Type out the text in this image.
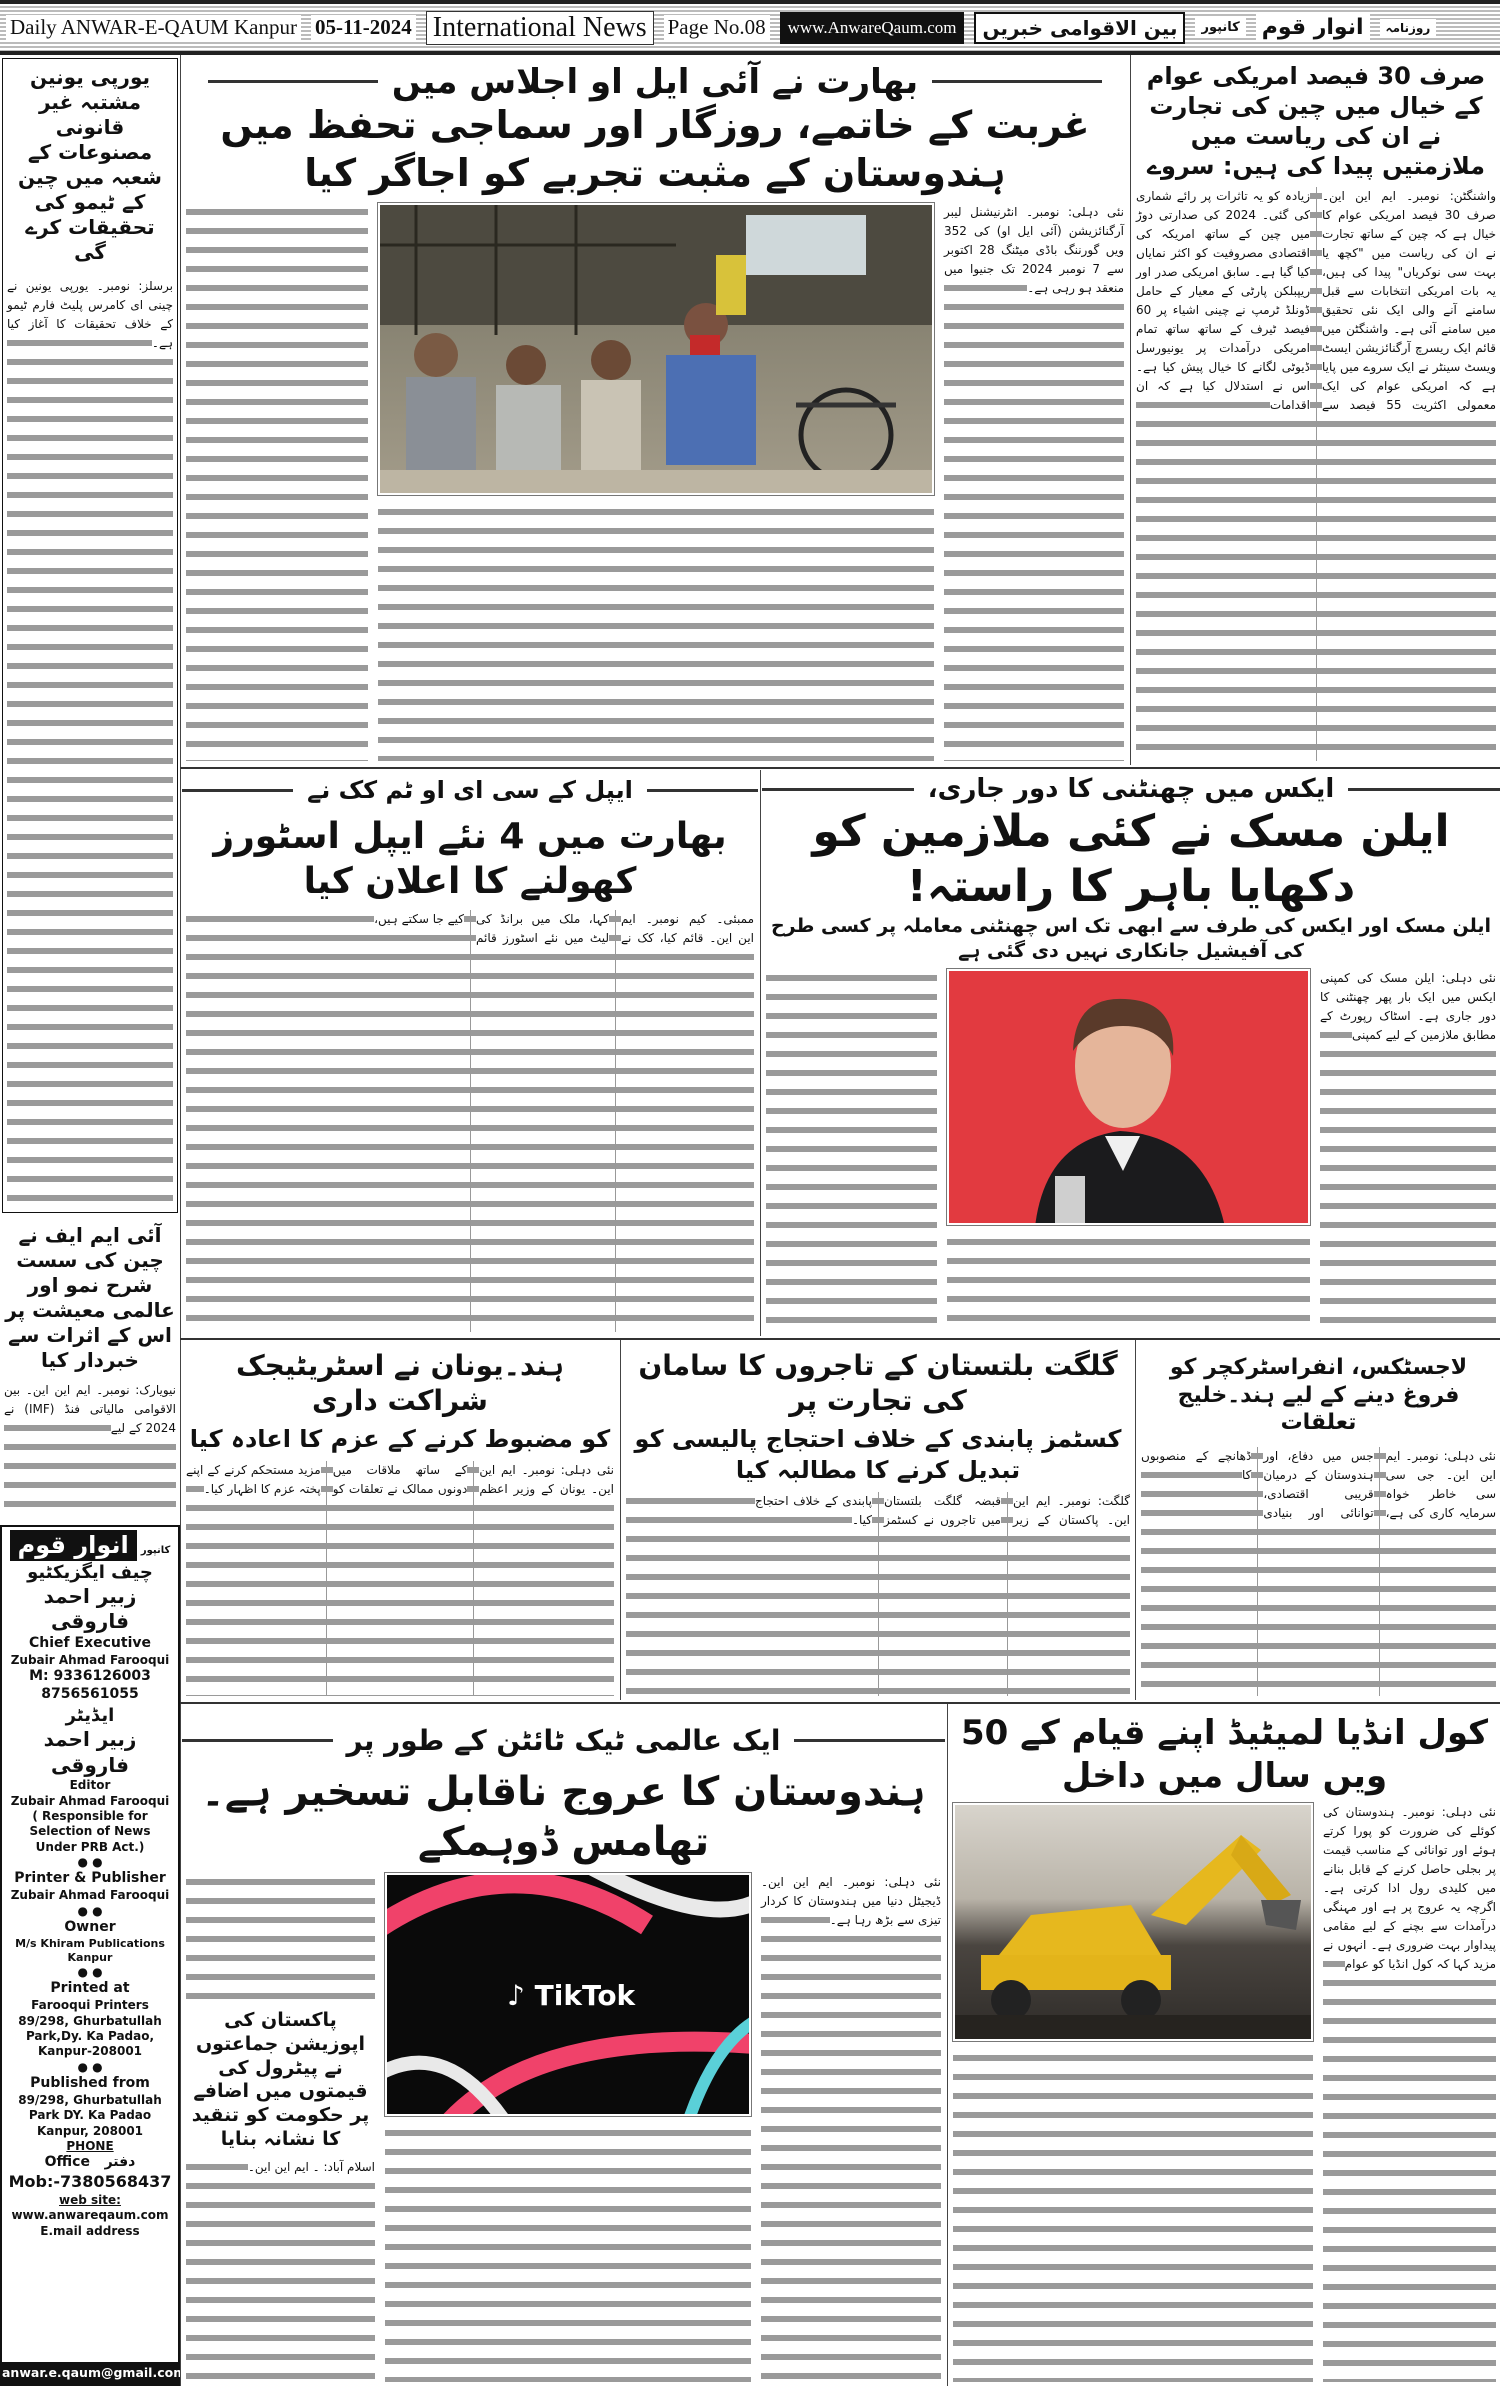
Daily ANWAR-E-QAUM Kanpur 05-11-2024 International News	Page No.08	www.AnwareQaum.com	بین الاقوامی خبریں	کانپور انوار قوم	روزنامہ
یورپی یونین مشتبہ غیر قانونی مصنوعات کے شعبہ میں چین کے ٹیمو کی تحقیقات کرے گی
برسلز: نومبر۔ یورپی یونین نے چینی ای کامرس پلیٹ فارم ٹیمو کے خلاف تحقیقات کا آغاز کیا ہے۔
آئی ایم ایف نے چین کی سست شرح نمو اور عالمی معیشت پر اس کے اثرات سے خبردار کیا
نیویارک: نومبر۔ ایم این این۔ بین الاقوامی مالیاتی فنڈ (IMF) نے 2024 کے لیے
انوار قوم کانپور
چیف ایگزیکٹیو
زبیر احمد فاروقی
Chief Executive
Zubair Ahmad Farooqui
M: 9336126003
8756561055
ایڈیٹر
زبیر احمد فاروقی
Editor
Zubair Ahmad Farooqui
( Responsible for Selection of News Under PRB Act.)
● ●
Printer & Publisher
Zubair Ahmad Farooqui
● ●
Owner
M/s Khiram Publications Kanpur
● ●
Printed at
Farooqui Printers 89/298, Ghurbatullah Park,Dy. Ka Padao, Kanpur-208001
● ●
Published from
89/298, Ghurbatullah Park DY. Ka Padao Kanpur, 208001
PHONE
Office دفتر
Mob:-7380568437
web site:
www.anwareqaum.com
E.mail address
anwar.e.qaum@gmail.com
بھارت نے آئی ایل او اجلاس میں
غربت کے خاتمے، روزگار اور سماجی تحفظ میں ہندوستان کے مثبت تجربے کو اجاگر کیا
نئی دہلی: نومبر۔ انٹرنیشنل لیبر آرگنائزیشن (آئی ایل او) کی 352 ویں گورننگ باڈی میٹنگ 28 اکتوبر سے 7 نومبر 2024 تک جنیوا میں منعقد ہو رہی ہے۔
صرف 30 فیصد امریکی عوام کے خیال میں چین کی تجارت نے ان کی ریاست میں ملازمتیں پیدا کی ہیں: سروے
واشنگٹن: نومبر۔ ایم این این۔ صرف 30 فیصد امریکی عوام کا خیال ہے کہ چین کے ساتھ تجارت نے ان کی ریاست میں "کچھ یا بہت سی نوکریاں" پیدا کی ہیں، یہ بات امریکی انتخابات سے قبل سامنے آنے والی ایک نئی تحقیق میں سامنے آئی ہے۔ واشنگٹن میں قائم ایک ریسرچ آرگنائزیشن ایسٹ ویسٹ سینٹر نے ایک سروے میں پایا ہے کہ امریکی عوام کی ایک معمولی اکثریت 55 فیصد سے زیادہ کو یہ تاثرات پر رائے شماری کی گئی۔ 2024 کی صدارتی دوڑ میں چین کے ساتھ امریکہ کی اقتصادی مصروفیت کو اکثر نمایاں کیا گیا ہے۔ سابق امریکی صدر اور ریپبلکن پارٹی کے معیار کے حامل ڈونلڈ ٹرمپ نے چینی اشیاء پر 60 فیصد ٹیرف کے ساتھ ساتھ تمام امریکی درآمدات پر یونیورسل ڈیوٹی لگانے کا خیال پیش کیا ہے۔ اس نے استدلال کیا ہے کہ ان اقدامات
ایکس میں چھنٹنی کا دور جاری،
ایلن مسک نے کئی ملازمین کو دکھایا باہر کا راستہ!
ایلن مسک اور ایکس کی طرف سے ابھی تک اس چھنٹنی معاملہ پر کسی طرح کی آفیشیل جانکاری نہیں دی گئی ہے
نئی دہلی: ایلن مسک کی کمپنی ایکس میں ایک بار پھر چھنٹنی کا دور جاری ہے۔ اسٹاک رپورٹ کے مطابق ملازمین کے لیے کمپنی
ایپل کے سی ای او ٹم کک نے
بھارت میں 4 نئے ایپل اسٹورز کھولنے کا اعلان کیا
ممبئی۔ کیم نومبر۔ ایم این این۔ قائم کیا، کک نے کہا، ملک میں برانڈ کی لیٹ میں نئے اسٹورز قائم کیے جا سکتے ہیں،
لاجسٹکس، انفراسٹرکچر کو فروغ دینے کے لیے ہند۔خلیج تعلقات
نئی دہلی: نومبر۔ ایم این این۔ جی سی سی خاطر خواہ سرمایہ کاری کی ہے، جس میں دفاع، اور ہندوستان کے درمیان قریبی اقتصادی، توانائی اور بنیادی ڈھانچے کے منصوبوں کا
گلگت بلتستان کے تاجروں کا سامان کی تجارت پر
کسٹمز پابندی کے خلاف احتجاج پالیسی کو تبدیل کرنے کا مطالبہ کیا
گلگت: نومبر۔ ایم این این۔ پاکستان کے زیر قبضہ گلگت بلتستان میں تاجروں نے کسٹمز پابندی کے خلاف احتجاج کیا۔
ہند۔یونان نے اسٹریٹیجک شراکت داری
کو مضبوط کرنے کے عزم کا اعادہ کیا
نئی دہلی: نومبر۔ ایم این این۔ یونان کے وزیر اعظم کے ساتھ ملاقات میں دونوں ممالک نے تعلقات کو مزید مستحکم کرنے کے اپنے پختہ عزم کا اظہار کیا۔
کول انڈیا لمیٹیڈ اپنے قیام کے 50 ویں سال میں داخل
نئی دہلی: نومبر۔ ہندوستان کی کوئلے کی ضرورت کو پورا کرتے ہوئے اور توانائی کے مناسب قیمت پر بجلی حاصل کرنے کے قابل بنانے میں کلیدی رول ادا کرتی ہے۔ اگرچہ یہ عروج پر ہے اور مہنگی درآمدات سے بچنے کے لیے مقامی پیداوار بہت ضروری ہے۔ انہوں نے مزید کہا کہ کول انڈیا کو عوام
ایک عالمی ٹیک ٹائٹن کے طور پر
ہندوستان کا عروج ناقابل تسخیر ہے۔ تھامس ڈوہمکے
نئی دہلی: نومبر۔ ایم این این۔ ڈیجیٹل دنیا میں ہندوستان کا کردار تیزی سے بڑھ رہا ہے۔
♪ TikTok
پاکستان کی اپوزیشن جماعتوں نے پیٹرول کی قیمتوں میں اضافے پر حکومت کو تنقید کا نشانہ بنایا
اسلام آباد: ۔ ایم این این۔
